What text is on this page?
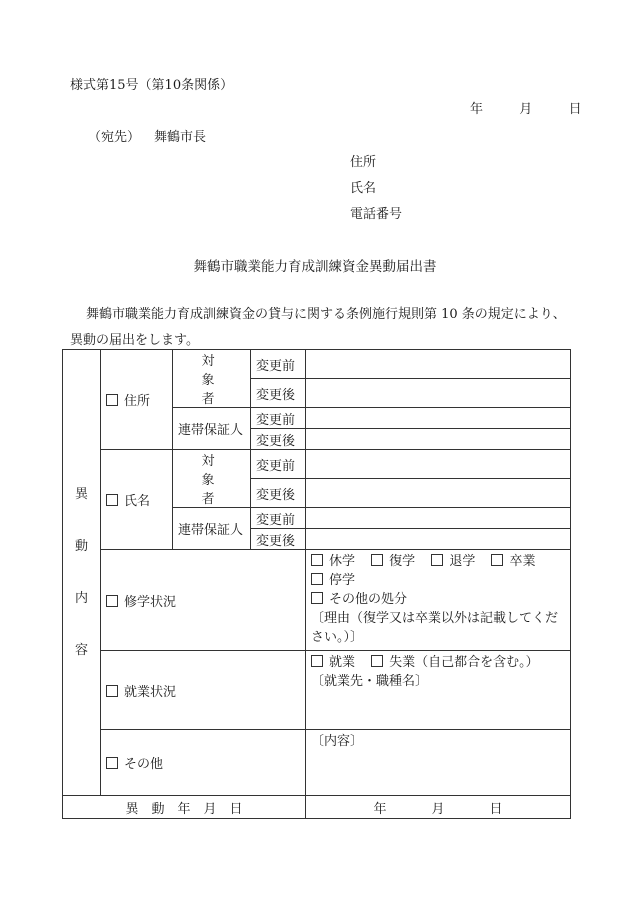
様式第15号（第10条関係）
年	月	日
（宛先） 舞鶴市長
住所
氏名
電話番号
舞鶴市職業能力育成訓練資金異動届出書
舞鶴市職業能力育成訓練資金の貸与に関する条例施行規則第 10 条の規定により、異動の届出をします。
異
動
内
容	住所	対　象　者	変更前	
			変更後	
		連帯保証人	変更前	
			変更後	
	氏名	対　象　者	変更前	
			変更後	
		連帯保証人	変更前	
			変更後	
	修学状況			休学 復学 退学 卒業 停学
その他の処分
〔理由（復学又は卒業以外は記載してください。）〕

	就業状況			就業 失業（自己都合を含む。）
〔就業先・職種名〕

	その他			〔内容〕

異　動　年　月　日				年 月 日
